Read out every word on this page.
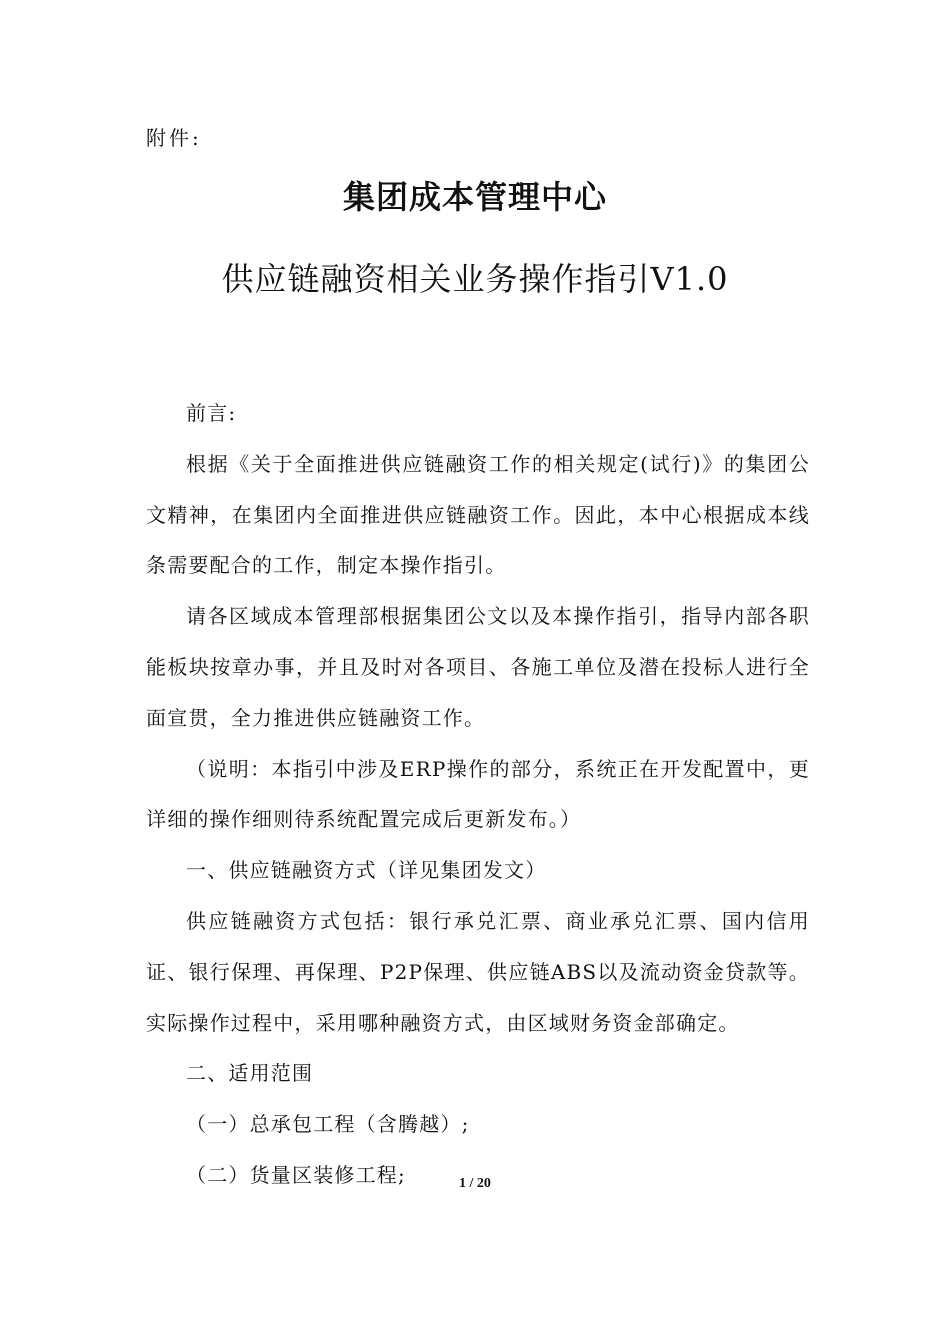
附件:
集团成本管理中心
供应链融资相关业务操作指引Ⅴ1.0

前言:

根据《关于全面推进供应链融资工作的相关规定(试行)》的集团公文精神，在集团内全面推进供应链融资工作。因此，本中心根据成本线条需要配合的工作，制定本操作指引。

请各区域成本管理部根据集团公文以及本操作指引，指导内部各职能板块按章办事，并且及时对各项目、各施工单位及潜在投标人进行全面宣贯，全力推进供应链融资工作。

（说明：本指引中涉及ERP操作的部分，系统正在开发配置中，更详细的操作细则待系统配置完成后更新发布。）

一、供应链融资方式（详见集团发文）

供应链融资方式包括：银行承兑汇票、商业承兑汇票、国内信用证、银行保理、再保理、P2P保理、供应链ABS以及流动资金贷款等。实际操作过程中，采用哪种融资方式，由区域财务资金部确定。

二、适用范围

（一）总承包工程（含腾越）;

（二）货量区装修工程;	1 / 20
